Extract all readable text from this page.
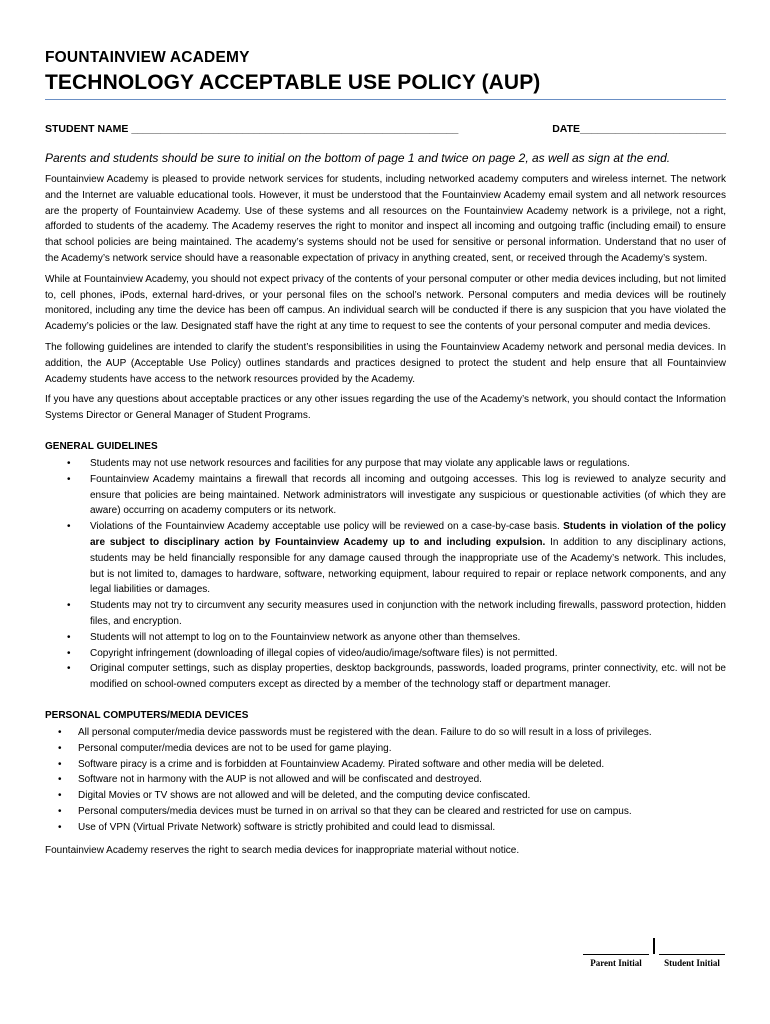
FOUNTAINVIEW ACADEMY
TECHNOLOGY ACCEPTABLE USE POLICY (AUP)
STUDENT NAME ________________________________________________________	DATE_________________________
Parents and students should be sure to initial on the bottom of page 1 and twice on page 2, as well as sign at the end.

Fountainview Academy is pleased to provide network services for students, including networked academy computers and wireless internet. The network and the Internet are valuable educational tools. However, it must be understood that the Fountainview Academy email system and all network resources are the property of Fountainview Academy. Use of these systems and all resources on the Fountainview Academy network is a privilege, not a right, afforded to students of the academy. The Academy reserves the right to monitor and inspect all incoming and outgoing traffic (including email) to ensure that school policies are being maintained. The academy’s systems should not be used for sensitive or personal information. Understand that no user of the Academy’s network service should have a reasonable expectation of privacy in anything created, sent, or received through the Academy’s system.

While at Fountainview Academy, you should not expect privacy of the contents of your personal computer or other media devices including, but not limited to, cell phones, iPods, external hard-drives, or your personal files on the school’s network. Personal computers and media devices will be routinely monitored, including any time the device has been off campus. An individual search will be conducted if there is any suspicion that you have violated the Academy’s policies or the law. Designated staff have the right at any time to request to see the contents of your personal computer and media devices.

The following guidelines are intended to clarify the student’s responsibilities in using the Fountainview Academy network and personal media devices. In addition, the AUP (Acceptable Use Policy) outlines standards and practices designed to protect the student and help ensure that all Fountainview Academy students have access to the network resources provided by the Academy.

If you have any questions about acceptable practices or any other issues regarding the use of the Academy’s network, you should contact the Information Systems Director or General Manager of Student Programs.

GENERAL GUIDELINES
• Students may not use network resources and facilities for any purpose that may violate any applicable laws or regulations.
• Fountainview Academy maintains a firewall that records all incoming and outgoing accesses. This log is reviewed to analyze security and ensure that policies are being maintained. Network administrators will investigate any suspicious or questionable activities (of which they are aware) occurring on academy computers or its network.
• Violations of the Fountainview Academy acceptable use policy will be reviewed on a case-by-case basis. Students in violation of the policy are subject to disciplinary action by Fountainview Academy up to and including expulsion. In addition to any disciplinary actions, students may be held financially responsible for any damage caused through the inappropriate use of the Academy’s network. This includes, but is not limited to, damages to hardware, software, networking equipment, labour required to repair or replace network components, and any legal liabilities or damages.
• Students may not try to circumvent any security measures used in conjunction with the network including firewalls, password protection, hidden files, and encryption.
• Students will not attempt to log on to the Fountainview network as anyone other than themselves.
• Copyright infringement (downloading of illegal copies of video/audio/image/software files) is not permitted.
• Original computer settings, such as display properties, desktop backgrounds, passwords, loaded programs, printer connectivity, etc. will not be modified on school-owned computers except as directed by a member of the technology staff or department manager.
PERSONAL COMPUTERS/MEDIA DEVICES
• All personal computer/media device passwords must be registered with the dean. Failure to do so will result in a loss of privileges.
• Personal computer/media devices are not to be used for game playing.
• Software piracy is a crime and is forbidden at Fountainview Academy. Pirated software and other media will be deleted.
• Software not in harmony with the AUP is not allowed and will be confiscated and destroyed.
• Digital Movies or TV shows are not allowed and will be deleted, and the computing device confiscated.
• Personal computers/media devices must be turned in on arrival so that they can be cleared and restricted for use on campus.
• Use of VPN (Virtual Private Network) software is strictly prohibited and could lead to dismissal.

Fountainview Academy reserves the right to search media devices for inappropriate material without notice.

Parent Initial	Student Initial
